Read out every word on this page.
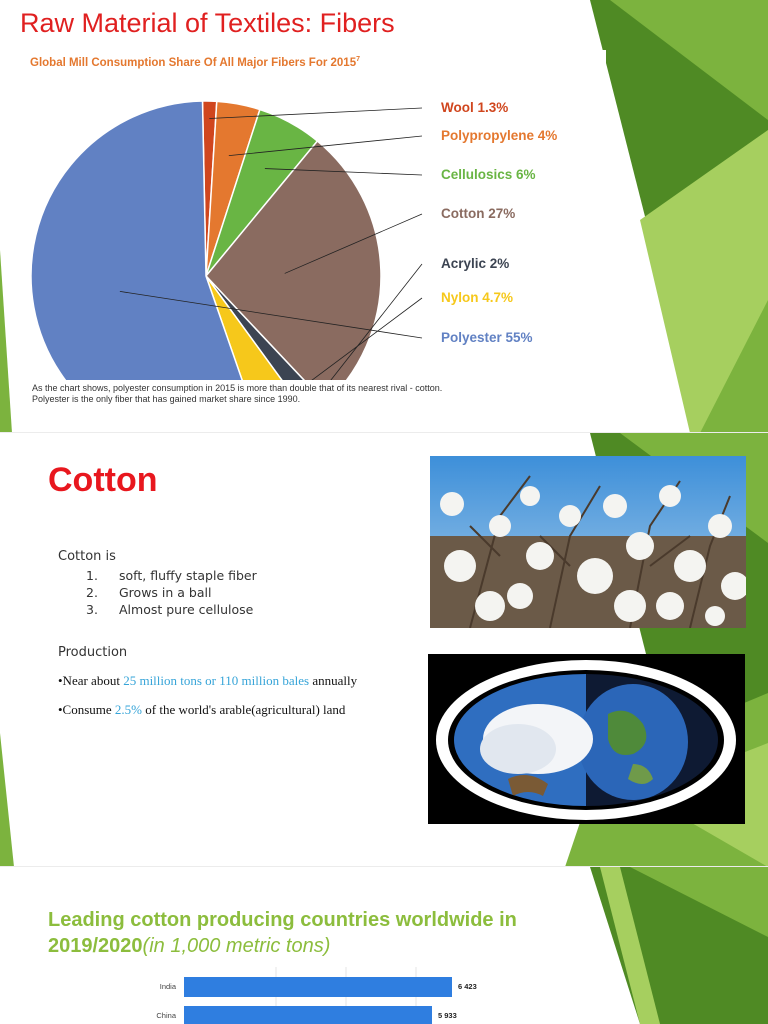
Raw Material of Textiles: Fibers
Global Mill Consumption Share Of All Major Fibers For 2015$^7$
Wool 1.3%
Polypropylene 4%
Cellulosics 6%
Cotton 27%
Acrylic 2%
Nylon 4.7%
Polyester 55%
As the chart shows, polyester consumption in 2015 is more than double that of its nearest rival - cotton. Polyester is the only fiber that has gained market share since 1990.
Cotton
Cotton is
1. soft, fluffy staple fiber
2. Grows in a ball
3. Almost pure cellulose
Production
•Near about 25 million tons or 110 million bales annually
•Consume 2.5% of the world's arable(agricultural) land
Leading cotton producing countries worldwide in 2019/2020(in 1,000 metric tons)
India	6 423
China	5 933
